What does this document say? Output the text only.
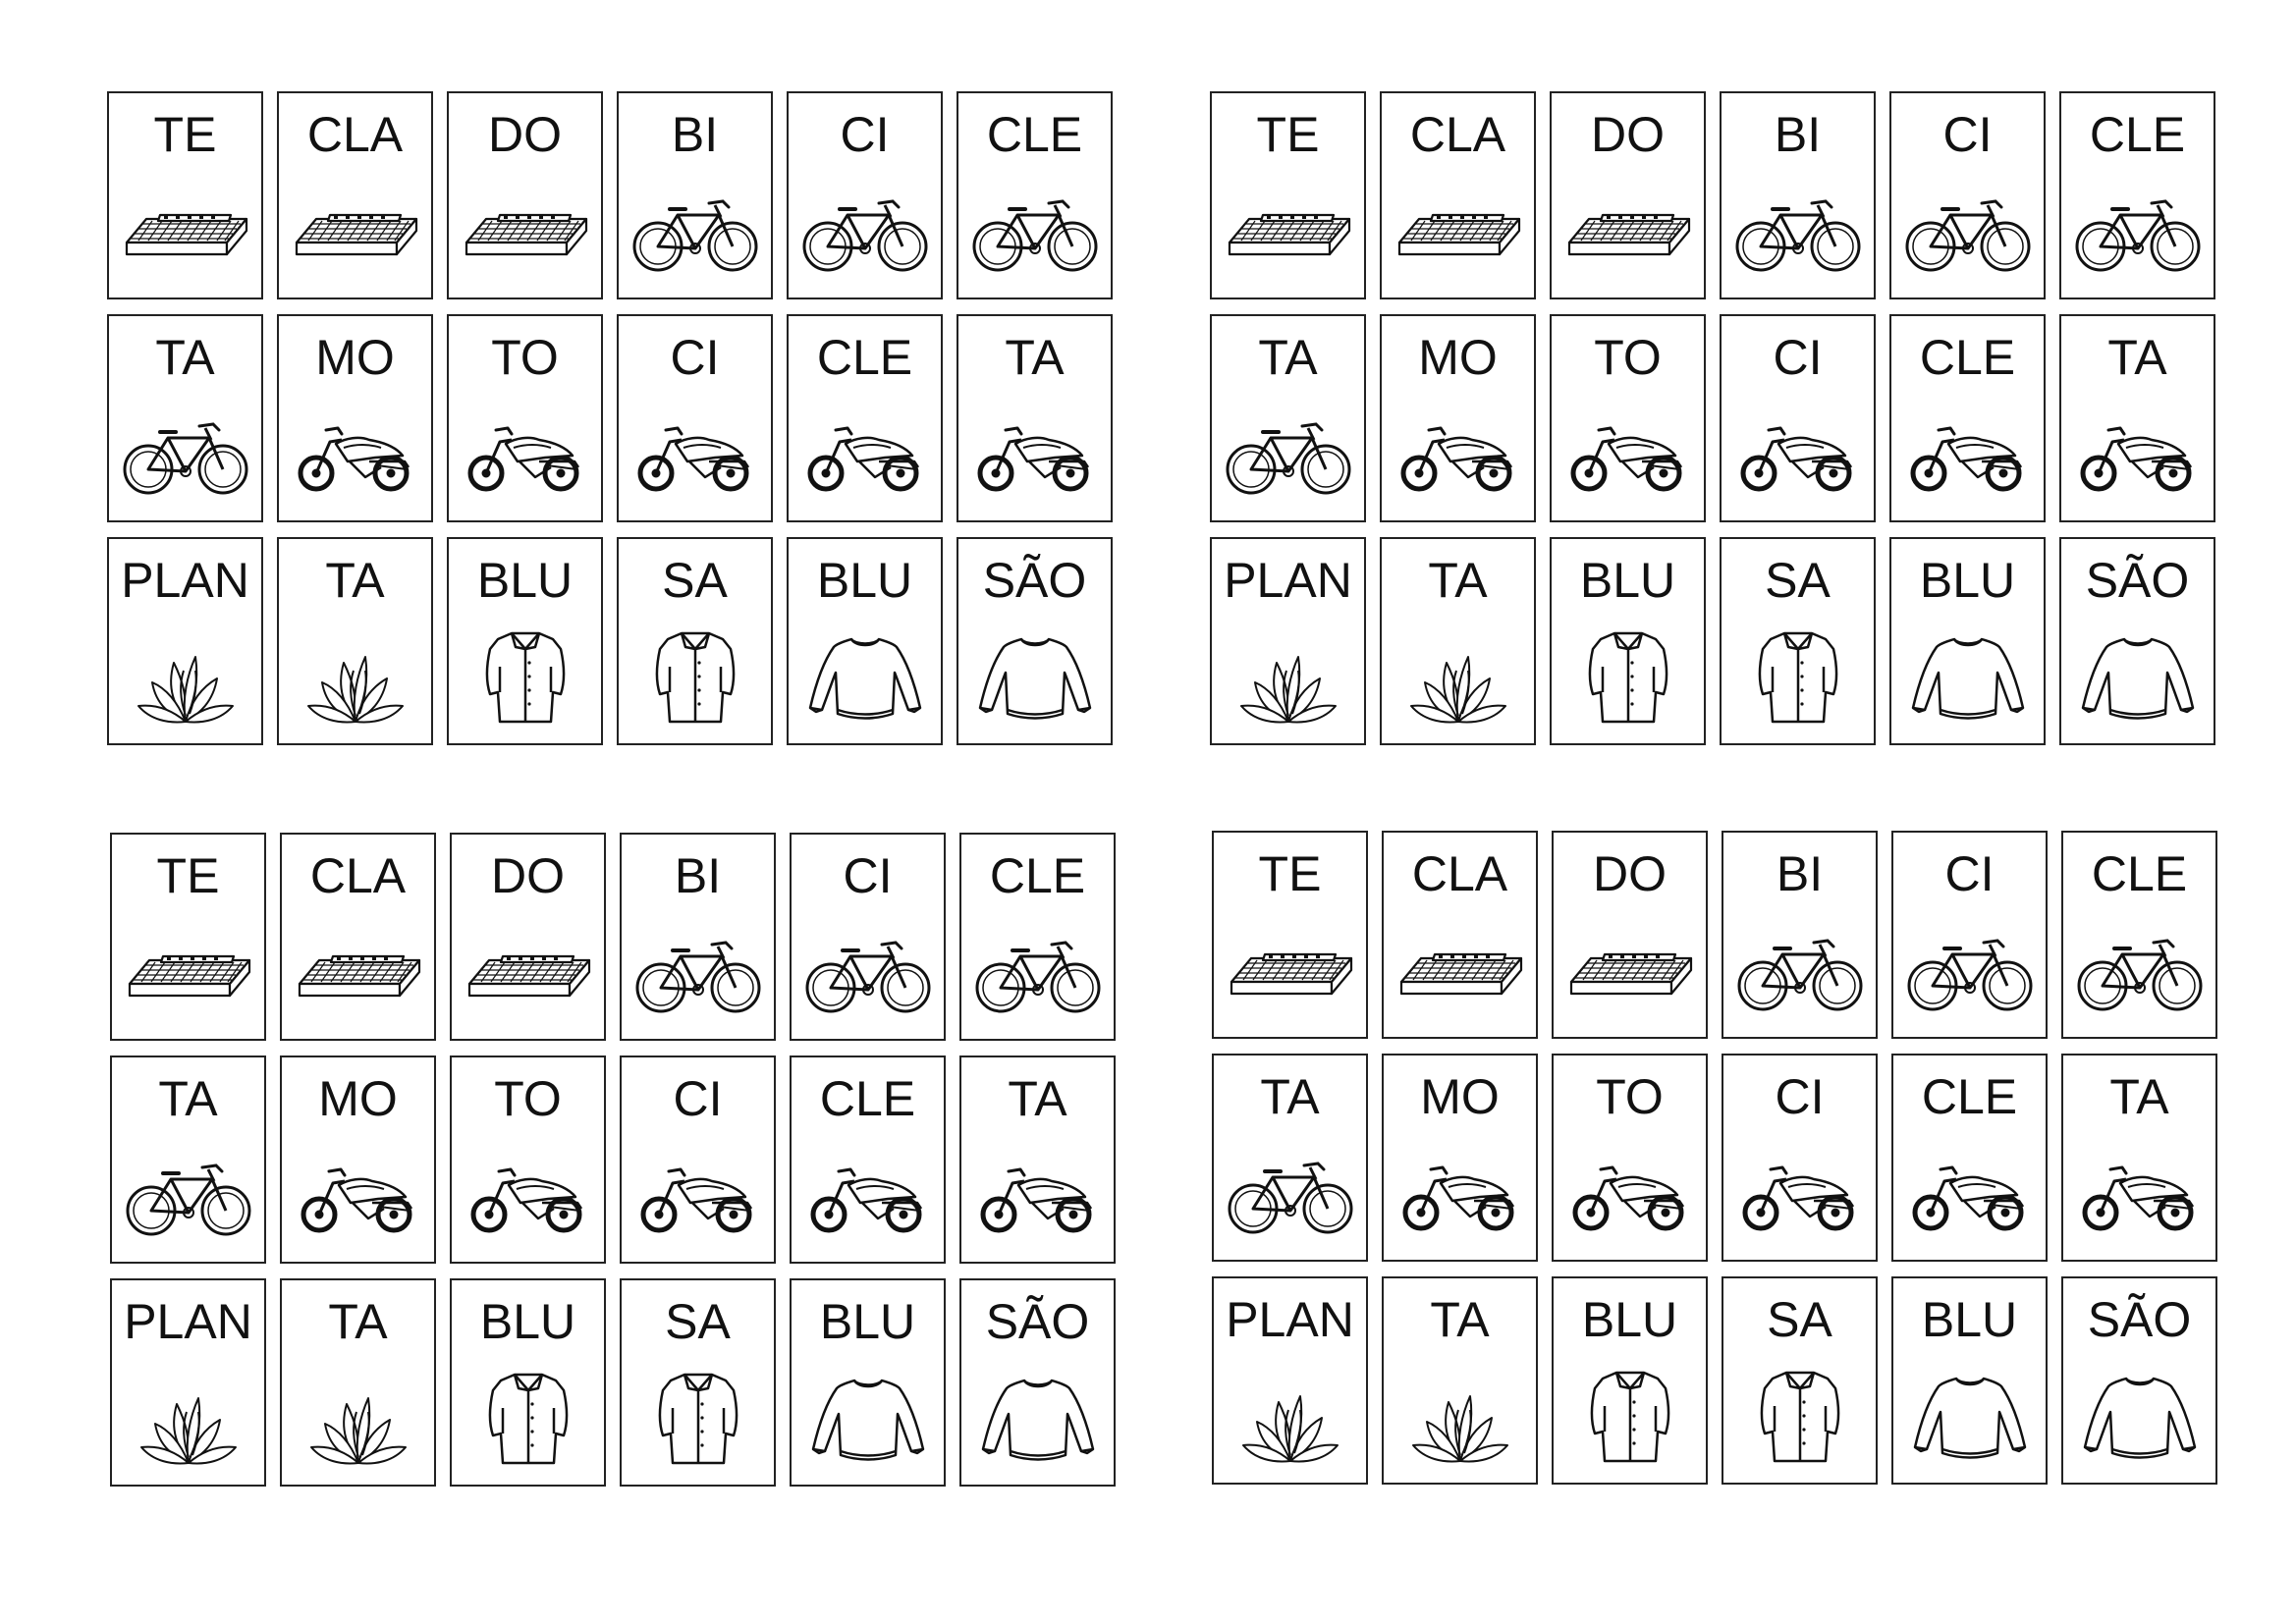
TE CLA DO BI CI CLE
TA MO TO CI CLE TA
PLAN TA BLU SA BLU SÃO
TE CLA DO BI CI CLE
TA MO TO CI CLE TA
PLAN TA BLU SA BLU SÃO
TE CLA DO BI CI CLE
TA MO TO CI CLE TA
PLAN TA BLU SA BLU SÃO
TE CLA DO BI CI CLE
TA MO TO CI CLE TA
PLAN TA BLU SA BLU SÃO
